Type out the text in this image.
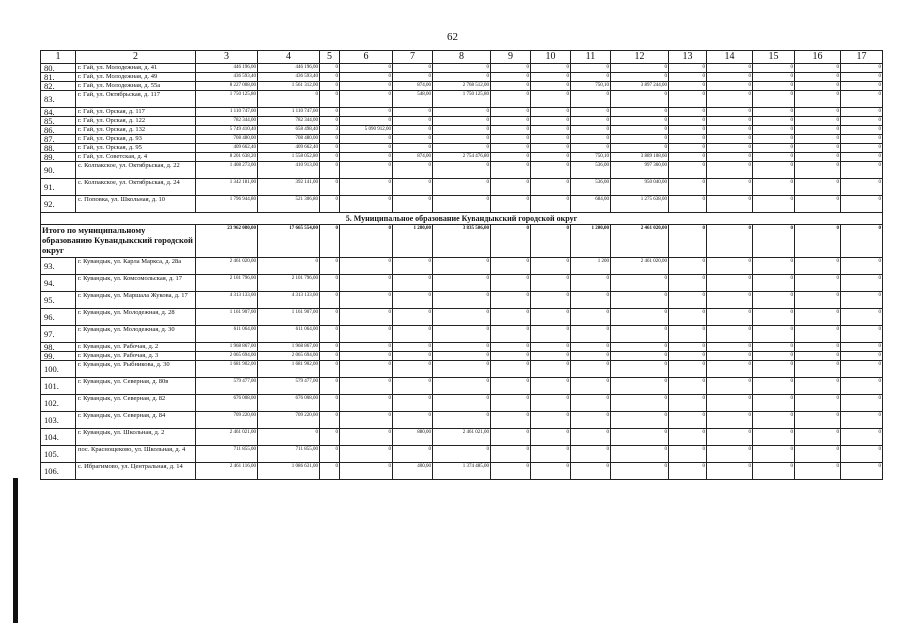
62
1	2	3	4	5	6	7	8	9	10	11	12	13	14	15	16	17
80.	г. Гай, ул. Молодежная, д. 41	446 196,00	446 196,00	0	0	0	0	0	0	0	0	0	0	0	0	0
81.	г. Гай, ул. Молодежная, д. 49	436 593,40	436 593,40	0	0	0	0	0	0	0	0	0	0	0	0	0
82.	г. Гай, ул. Молодежная, д. 55а	8 227 008,00	1 561 312,00	0	0	874,00	2 768 512,00	0	0	750,10	3 897 244,00	0	0	0	0	0
83.	г. Гай, ул. Октябрьская, д. 117	1 750 125,80	0	0	0	548,00	1 750 125,80	0	0	0	0	0	0	0	0	0
84.	г. Гай, ул. Орская, д. 117	1 110 747,00	1 110 747,00	0	0	0	0	0	0	0	0	0	0	0	0	0
85.	г. Гай, ул. Орская, д. 122	782 344,00	782 344,00	0	0	0	0	0	0	0	0	0	0	0	0	0
86.	г. Гай, ул. Орская, д. 132	5 749 410,40	658 498,40	3	5 090 912,00	0	0	0	0	0	0	0	0	0	0	0
87.	г. Гай, ул. Орская, д. 93	708 480,00	708 480,00	0	0	0	0	0	0	0	0	0	0	0	0	0
88.	г. Гай, ул. Орская, д. 95	409 662,40	409 662,40	0	0	0	0	0	0	0	0	0	0	0	0	0
89.	г. Гай, ул. Советская, д. 4	8 201 638,20	1 558 052,80	0	0	874,00	2 754 476,80	0	0	750,10	3 889 108,60	0	0	0	0	0
90.	с. Колпакское, ул. Октябрьская, д. 22	1 408 273,00	410 913,00	0	0	0	0	0	0	536,00	997 360,00	0	0	0	0	0
91.	с. Колпакское, ул. Октябрьская, д. 24	1 342 181,00	392 141,00	0	0	0	0	0	0	536,00	950 040,00	0	0	0	0	0
92.	с. Поповка, ул. Школьная, д. 10	1 796 944,80	521 306,80	0	0	0	0	0	0	684,00	1 275 638,00	0	0	0	0	0
5. Муниципальное образование Кувандыкский городской округ																
Итого по муниципальному образованию Кувандыкский городской округ		23 962 080,00	17 665 554,00	0	0	1 280,00	3 835 506,00	0	0	1 200,00	2 461 020,00	0	0	0	0	0
93.	г. Кувандык, ул. Карла Маркса, д. 28а	2 461 020,00	0	0	0	0	0	0	0	1 200	2 461 020,00	0	0	0	0	0
94.	г. Кувандык, ул. Комсомольская, д. 17	2 101 796,00	2 101 796,00	0	0	0	0	0	0	0	0	0	0	0	0	0
95.	г. Кувандык, ул. Маршала Жукова, д. 17	4 313 133,00	4 313 133,00	0	0	0	0	0	0	0	0	0	0	0	0	0
96.	г. Кувандык, ул. Молодежная, д. 28	1 161 907,00	1 161 907,00	0	0	0	0	0	0	0	0	0	0	0	0	0
97.	г. Кувандык, ул. Молодежная, д. 30	611 064,00	611 064,00	0	0	0	0	0	0	0	0	0	0	0	0	0
98.	г. Кувандык, ул. Рабочая, д. 2	1 968 867,00	1 968 867,00	0	0	0	0	0	0	0	0	0	0	0	0	0
99.	г. Кувандык, ул. Рабочая, д. 3	2 065 694,00	2 065 694,00	0	0	0	0	0	0	0	0	0	0	0	0	0
100.	г. Кувандык, ул. Рыбникова, д. 30	1 681 902,00	1 681 902,00	0	0	0	0	0	0	0	0	0	0	0	0	0
101.	г. Кувандык, ул. Северная, д. 80в	579 477,00	579 477,00	0	0	0	0	0	0	0	0	0	0	0	0	0
102.	г. Кувандык, ул. Северная, д. 82	676 008,00	676 008,00	0	0	0	0	0	0	0	0	0	0	0	0	0
103.	г. Кувандык, ул. Северная, д. 84	709 220,00	709 220,00	0	0	0	0	0	0	0	0	0	0	0	0	0
104.	г. Кувандык, ул. Школьная, д. 2	2 461 021,00	0	0	0	880,00	2 461 021,00	0	0	0	0	0	0	0	0	0
105.	пос. Краснощеково, ул. Школьная, д. 4	711 855,00	711 855,00	0	0	0	0	0	0	0	0	0	0	0	0	0
106.	с. Ибрагимово, ул. Центральная, д. 14	2 461 116,00	1 086 631,00	0	0	400,00	1 374 485,00	0	0	0	0	0	0	0	0	0
